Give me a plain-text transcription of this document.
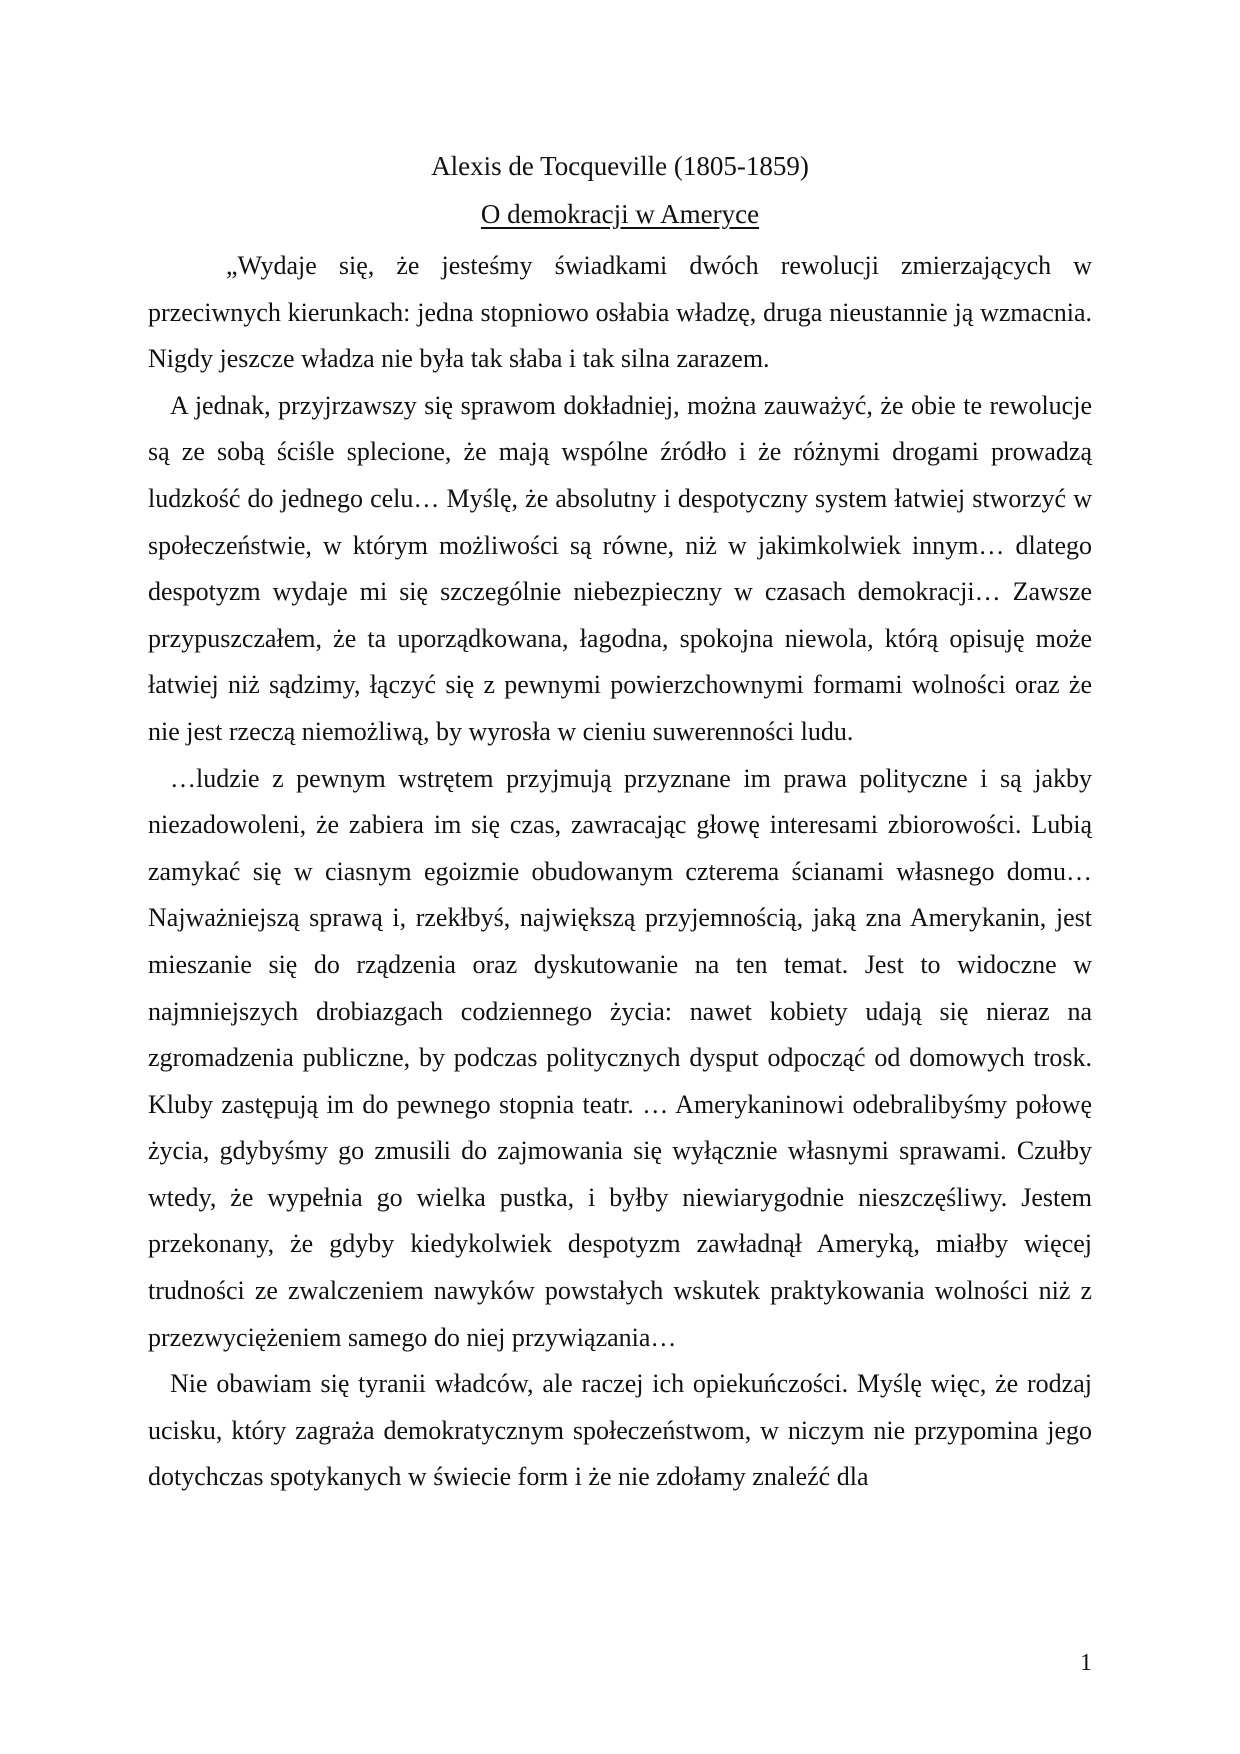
Alexis de Tocqueville (1805-1859)
O demokracji w Ameryce

„Wydaje się, że jesteśmy świadkami dwóch rewolucji zmierzających w przeciwnych kierunkach: jedna stopniowo osłabia władzę, druga nieustannie ją wzmacnia. Nigdy jeszcze władza nie była tak słaba i tak silna zarazem.

A jednak, przyjrzawszy się sprawom dokładniej, można zauważyć, że obie te rewolucje są ze sobą ściśle splecione, że mają wspólne źródło i że różnymi drogami prowadzą ludzkość do jednego celu… Myślę, że absolutny i despotyczny system łatwiej stworzyć w społeczeństwie, w którym możliwości są równe, niż w jakimkolwiek innym… dlatego despotyzm wydaje mi się szczególnie niebezpieczny w czasach demokracji… Zawsze przypuszczałem, że ta uporządkowana, łagodna, spokojna niewola, którą opisuję może łatwiej niż sądzimy, łączyć się z pewnymi powierzchownymi formami wolności oraz że nie jest rzeczą niemożliwą, by wyrosła w cieniu suwerenności ludu.

…ludzie z pewnym wstrętem przyjmują przyznane im prawa polityczne i są jakby niezadowoleni, że zabiera im się czas, zawracając głowę interesami zbiorowości. Lubią zamykać się w ciasnym egoizmie obudowanym czterema ścianami własnego domu… Najważniejszą sprawą i, rzekłbyś, największą przyjemnością, jaką zna Amerykanin, jest mieszanie się do rządzenia oraz dyskutowanie na ten temat. Jest to widoczne w najmniejszych drobiazgach codziennego życia: nawet kobiety udają się nieraz na zgromadzenia publiczne, by podczas politycznych dysput odpocząć od domowych trosk. Kluby zastępują im do pewnego stopnia teatr. … Amerykaninowi odebralibyśmy połowę życia, gdybyśmy go zmusili do zajmowania się wyłącznie własnymi sprawami. Czułby wtedy, że wypełnia go wielka pustka, i byłby niewiarygodnie nieszczęśliwy. Jestem przekonany, że gdyby kiedykolwiek despotyzm zawładnął Ameryką, miałby więcej trudności ze zwalczeniem nawyków powstałych wskutek praktykowania wolności niż z przezwyciężeniem samego do niej przywiązania…

Nie obawiam się tyranii władców, ale raczej ich opiekuńczości. Myślę więc, że rodzaj ucisku, który zagraża demokratycznym społeczeństwom, w niczym nie przypomina jego dotychczas spotykanych w świecie form i że nie zdołamy znaleźć dla

1
